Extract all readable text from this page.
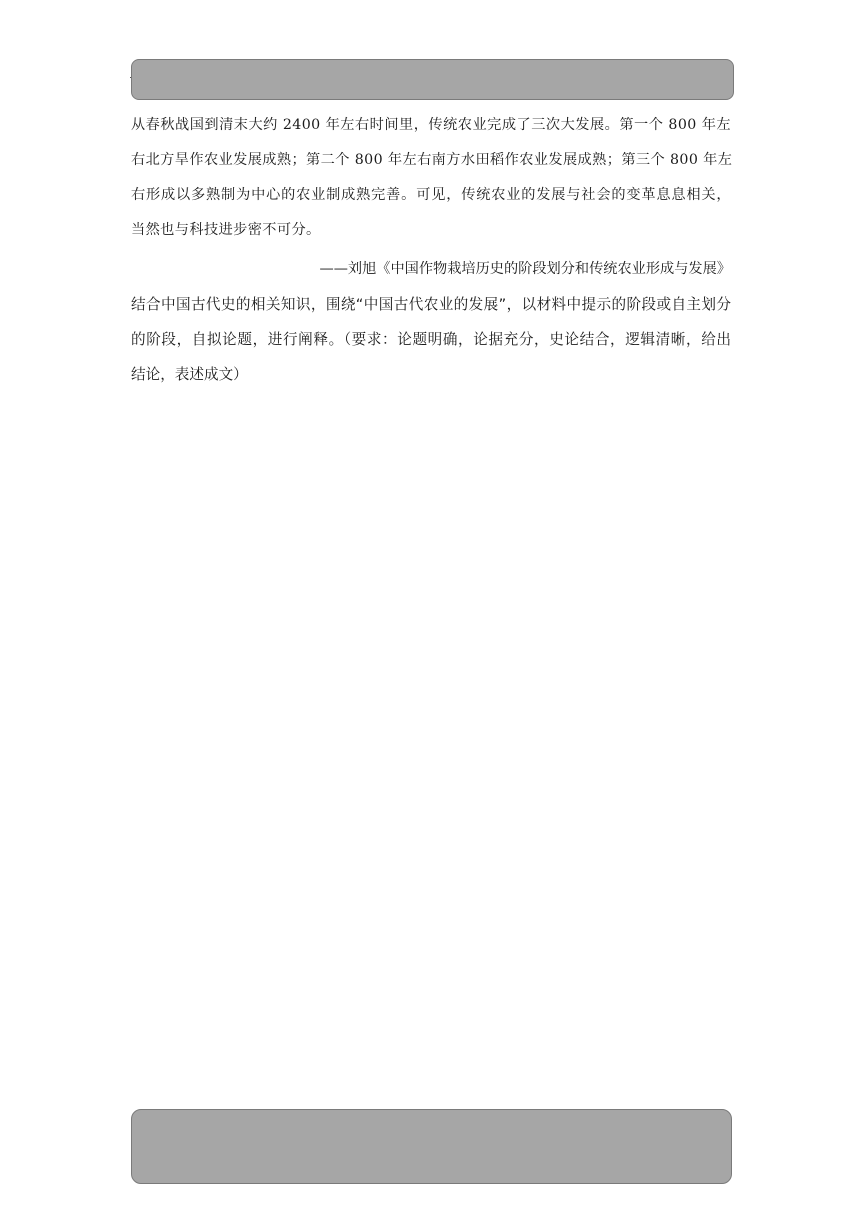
从春秋战国到清末大约 2400 年左右时间里，传统农业完成了三次大发展。第一个 800 年左
右北方旱作农业发展成熟；第二个 800 年左右南方水田稻作农业发展成熟；第三个 800 年左
右形成以多熟制为中心的农业制成熟完善。可见，传统农业的发展与社会的变革息息相关，
当然也与科技进步密不可分。

——刘旭《中国作物栽培历史的阶段划分和传统农业形成与发展》

结合中国古代史的相关知识，围绕“中国古代农业的发展”，以材料中提示的阶段或自主划分
的阶段，自拟论题，进行阐释。（要求：论题明确，论据充分，史论结合，逻辑清晰，给出
结论，表述成文）
